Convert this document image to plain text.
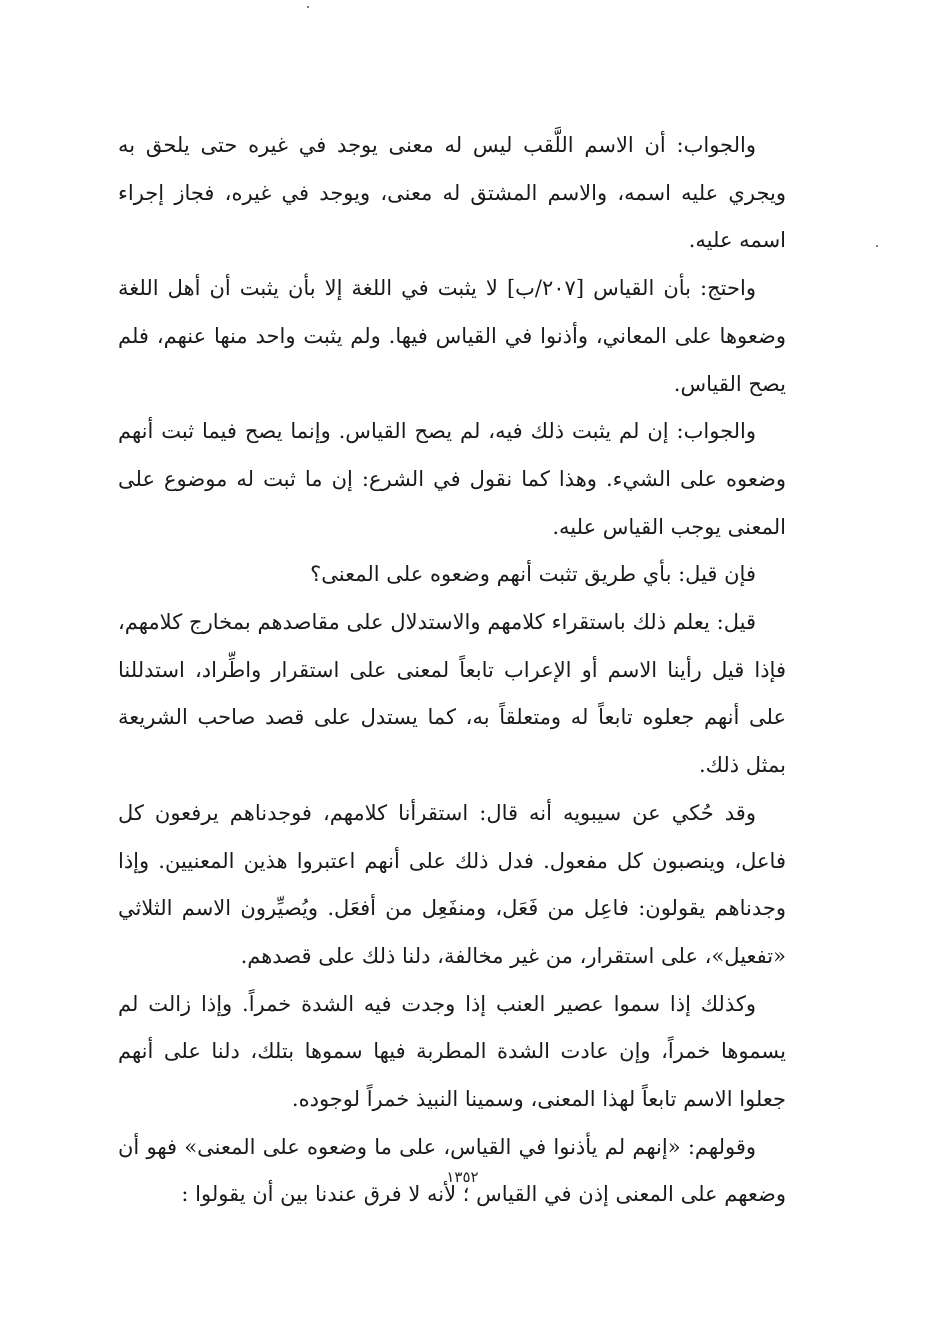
والجواب: أن الاسم اللَّقب ليس له معنى يوجد في غيره حتى يلحق به ويجري عليه اسمه، والاسم المشتق له معنى، ويوجد في غيره، فجاز إجراء اسمه عليه.

واحتج: بأن القياس [٢٠٧/ب] لا يثبت في اللغة إلا بأن يثبت أن أهل اللغة وضعوها على المعاني، وأذنوا في القياس فيها. ولم يثبت واحد منها عنهم، فلم يصح القياس.

والجواب: إن لم يثبت ذلك فيه، لم يصح القياس. وإنما يصح فيما ثبت أنهم وضعوه على الشيء. وهذا كما نقول في الشرع: إن ما ثبت له موضوع على المعنى يوجب القياس عليه.

فإن قيل: بأي طريق تثبت أنهم وضعوه على المعنى؟

قيل: يعلم ذلك باستقراء كلامهم والاستدلال على مقاصدهم بمخارج كلامهم، فإذا قيل رأينا الاسم أو الإعراب تابعاً لمعنى على استقرار واطِّراد، استدللنا على أنهم جعلوه تابعاً له ومتعلقاً به، كما يستدل على قصد صاحب الشريعة بمثل ذلك.

وقد حُكي عن سيبويه أنه قال: استقرأنا كلامهم، فوجدناهم يرفعون كل فاعل، وينصبون كل مفعول. فدل ذلك على أنهم اعتبروا هذين المعنيين. وإذا وجدناهم يقولون: فاعِل من فَعَل، ومنفَعِل من أفعَل. ويُصيِّرون الاسم الثلاثي «تفعيل»، على استقرار، من غير مخالفة، دلنا ذلك على قصدهم.

وكذلك إذا سموا عصير العنب إذا وجدت فيه الشدة خمراً. وإذا زالت لم يسموها خمراً، وإن عادت الشدة المطربة فيها سموها بتلك، دلنا على أنهم جعلوا الاسم تابعاً لهذا المعنى، وسمينا النبيذ خمراً لوجوده.

وقولهم: «إنهم لم يأذنوا في القياس، على ما وضعوه على المعنى» فهو أن وضعهم على المعنى إذن في القياس ؛ لأنه لا فرق عندنا بين أن يقولوا :

١٣٥٢
